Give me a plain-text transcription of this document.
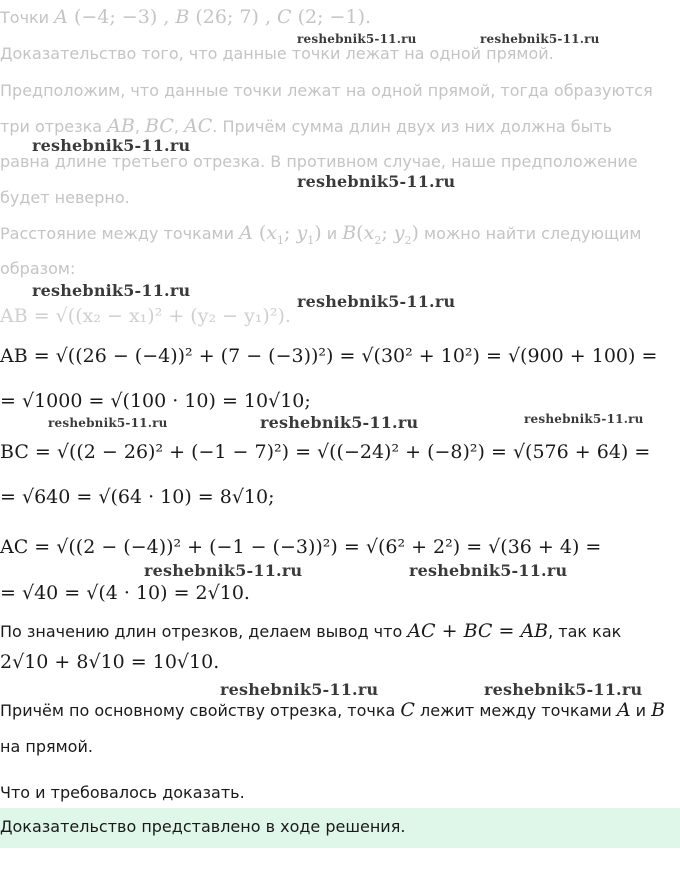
Точки A (−4; −3) , B (26; 7) , C (2; −1).
Доказательство того, что данные точки лежат на одной прямой.
Предположим, что данные точки лежат на одной прямой, тогда образуются
три отрезка AB, BC, AC. Причём сумма длин двух из них должна быть
равна длине третьего отрезка. В противном случае, наше предположение
будет неверно.
Расстояние между точками A ($x_1$; $y_1$) и $B(x_2$; $y_2$) можно найти следующим
образом:
AB = √((x₂ − x₁)² + (y₂ − y₁)²).
AB = √((26 − (−4))² + (7 − (−3))²) = √(30² + 10²) = √(900 + 100) =
= √1000 = √(100 · 10) = 10√10;
BC = √((2 − 26)² + (−1 − 7)²) = √((−24)² + (−8)²) = √(576 + 64) =
= √640 = √(64 · 10) = 8√10;
AC = √((2 − (−4))² + (−1 − (−3))²) = √(6² + 2²) = √(36 + 4) =
= √40 = √(4 · 10) = 2√10.
По значению длин отрезков, делаем вывод что AC + BC = AB, так как
2√10 + 8√10 = 10√10.
Причём по основному свойству отрезка, точка C лежит между точками A и B
на прямой.
Что и требовалось доказать.
Доказательство представлено в ходе решения.
reshebnik5-11.ru	reshebnik5-11.ru
reshebnik5-11.ru
reshebnik5-11.ru
reshebnik5-11.ru
reshebnik5-11.ru
reshebnik5-11.ru	reshebnik5-11.ru	reshebnik5-11.ru
reshebnik5-11.ru	reshebnik5-11.ru
reshebnik5-11.ru	reshebnik5-11.ru
